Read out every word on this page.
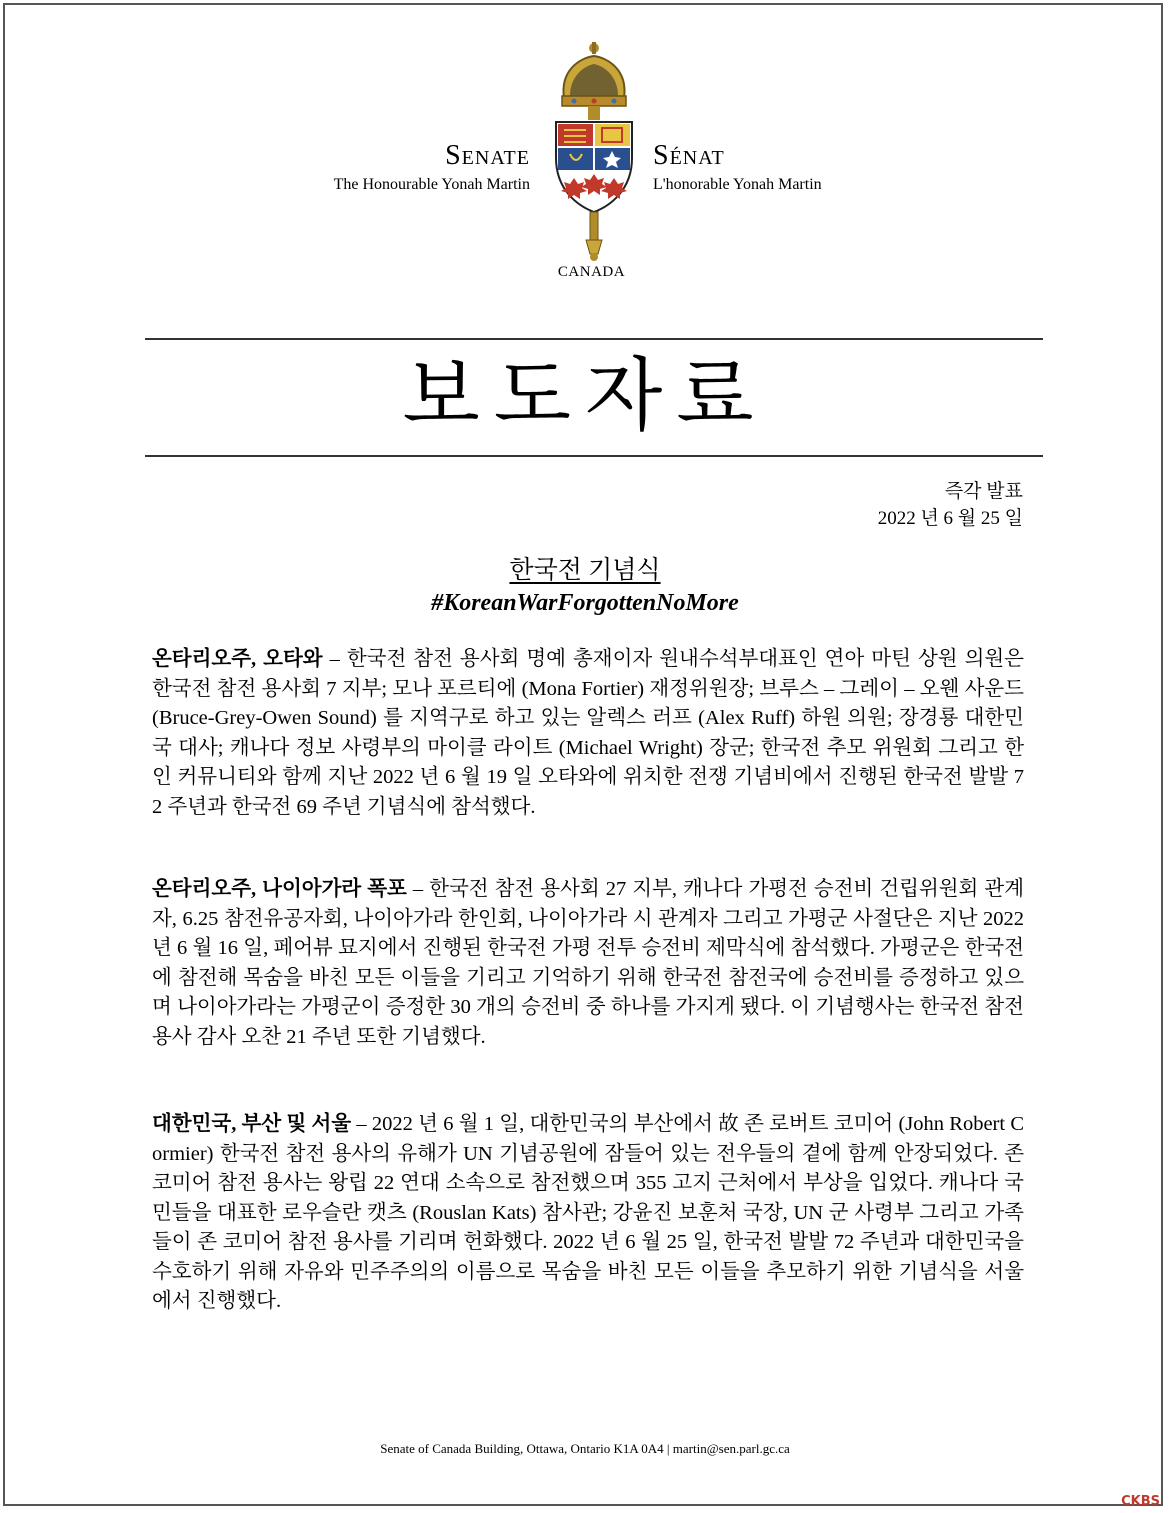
Senate
The Honourable Yonah Martin
Sénat
L'honorable Yonah Martin
CANADA
보도자료
즉각 발표
2022 년 6 월 25 일
한국전 기념식
#KoreanWarForgottenNoMore
온타리오주, 오타와 – 한국전 참전 용사회 명예 총재이자 원내수석부대표인 연아 마틴 상원 의원은 한국전 참전 용사회 7 지부; 모나 포르티에 (Mona Fortier) 재정위원장; 브루스 – 그레이 – 오웬 사운드 (Bruce-Grey-Owen Sound) 를 지역구로 하고 있는 알렉스 러프 (Alex Ruff) 하원 의원; 장경룡 대한민국 대사; 캐나다 정보 사령부의 마이클 라이트 (Michael Wright) 장군; 한국전 추모 위원회 그리고 한인 커뮤니티와 함께 지난 2022 년 6 월 19 일 오타와에 위치한 전쟁 기념비에서 진행된 한국전 발발 72 주년과 한국전 69 주년 기념식에 참석했다.
온타리오주, 나이아가라 폭포 – 한국전 참전 용사회 27 지부, 캐나다 가평전 승전비 건립위원회 관계자, 6.25 참전유공자회, 나이아가라 한인회, 나이아가라 시 관계자 그리고 가평군 사절단은 지난 2022 년 6 월 16 일, 페어뷰 묘지에서 진행된 한국전 가평 전투 승전비 제막식에 참석했다. 가평군은 한국전에 참전해 목숨을 바친 모든 이들을 기리고 기억하기 위해 한국전 참전국에 승전비를 증정하고 있으며 나이아가라는 가평군이 증정한 30 개의 승전비 중 하나를 가지게 됐다. 이 기념행사는 한국전 참전 용사 감사 오찬 21 주년 또한 기념했다.
대한민국, 부산 및 서울 – 2022 년 6 월 1 일, 대한민국의 부산에서 故 존 로버트 코미어 (John Robert Cormier) 한국전 참전 용사의 유해가 UN 기념공원에 잠들어 있는 전우들의 곁에 함께 안장되었다. 존 코미어 참전 용사는 왕립 22 연대 소속으로 참전했으며 355 고지 근처에서 부상을 입었다. 캐나다 국민들을 대표한 로우슬란 캣츠 (Rouslan Kats) 참사관; 강윤진 보훈처 국장, UN 군 사령부 그리고 가족들이 존 코미어 참전 용사를 기리며 헌화했다. 2022 년 6 월 25 일, 한국전 발발 72 주년과 대한민국을 수호하기 위해 자유와 민주주의의 이름으로 목숨을 바친 모든 이들을 추모하기 위한 기념식을 서울에서 진행했다.
Senate of Canada Building, Ottawa, Ontario K1A 0A4 | martin@sen.parl.gc.ca
CKBS
